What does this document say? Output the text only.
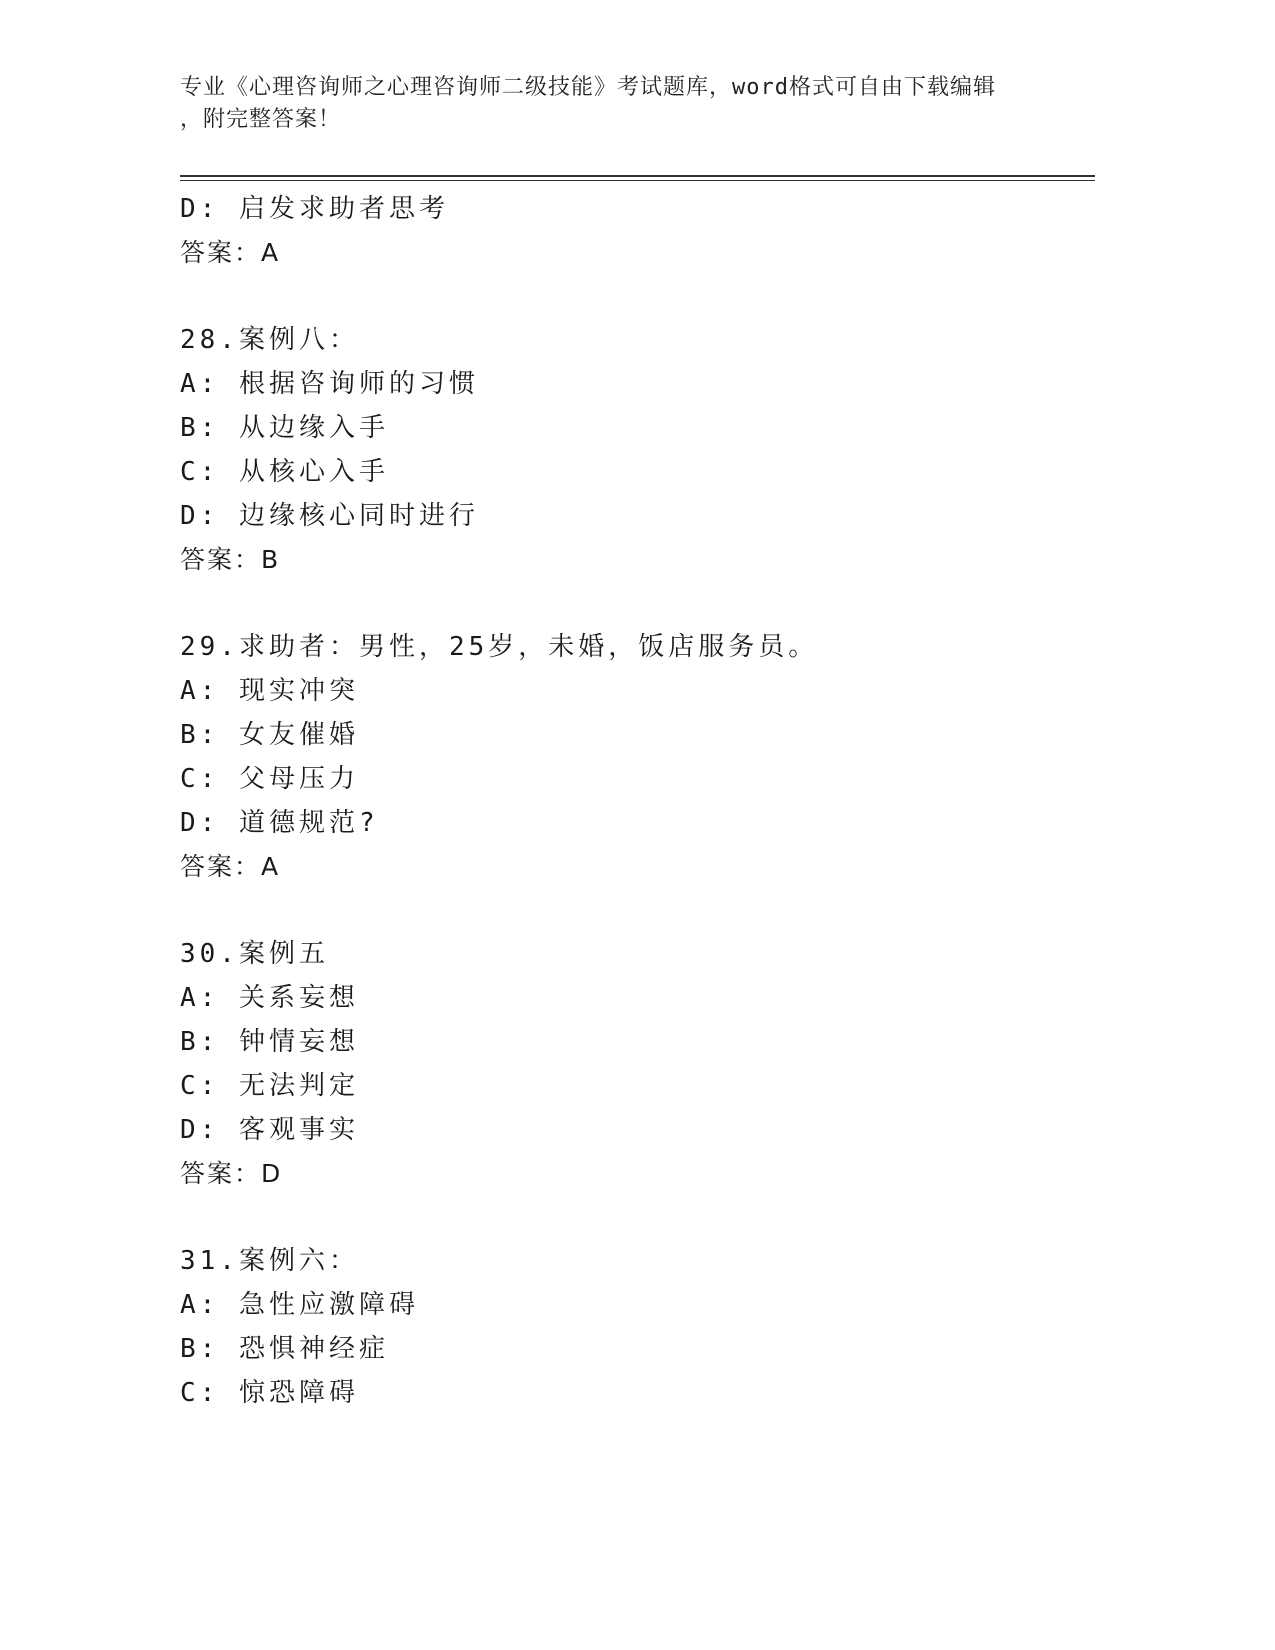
专业《心理咨询师之心理咨询师二级技能》考试题库，word格式可自由下载编辑
，附完整答案！
D: 启发求助者思考
答案：A
28.案例八：
A: 根据咨询师的习惯
B: 从边缘入手
C: 从核心入手
D: 边缘核心同时进行
答案：B
29.求助者：男性，25岁，未婚，饭店服务员。
A: 现实冲突
B: 女友催婚
C: 父母压力
D: 道德规范?
答案：A
30.案例五
A: 关系妄想
B: 钟情妄想
C: 无法判定
D: 客观事实
答案：D
31.案例六：
A: 急性应激障碍
B: 恐惧神经症
C: 惊恐障碍
